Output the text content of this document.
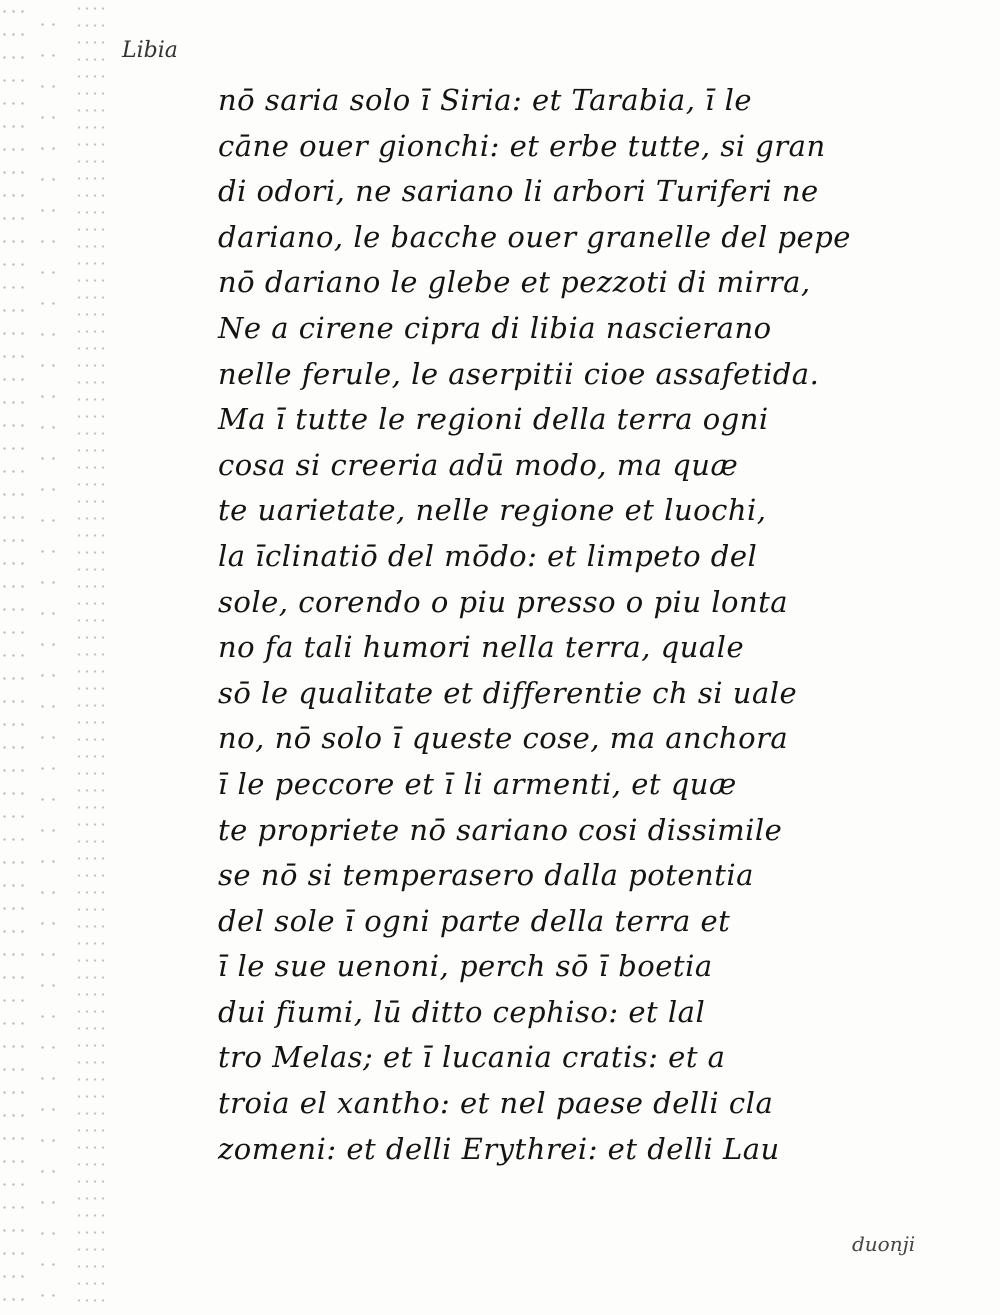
Libia
nō saria solo ī Siria: et Tarabia, ī le
cāne ouer gionchi: et erbe tutte, si gran
di odori, ne sariano li arbori Turiferi ne
dariano, le bacche ouer granelle del pepe
nō dariano le glebe et pezzoti di mirra,
Ne a cirene cipra di libia nascierano
nelle ferule, le aserpitii cioe assafetida.
Ma ī tutte le regioni della terra ogni
cosa si creeria adū modo, ma quæ
te uarietate, nelle regione et luochi,
la īclinatiō del mōdo: et limpeto del
sole, corendo o piu presso o piu lonta
no fa tali humori nella terra, quale
sō le qualitate et differentie ch si uale
no, nō solo ī queste cose, ma anchora
ī le peccore et ī li armenti, et quæ
te propriete nō sariano cosi dissimile
se nō si temperasero dalla potentia
del sole ī ogni parte della terra et
ī le sue uenoni, perch sō ī boetia
dui fiumi, lū ditto cephiso: et lal
tro Melas; et ī lucania cratis: et a
troia el xantho: et nel paese delli cla
zomeni: et delli Erythrei: et delli Lau
duonji
